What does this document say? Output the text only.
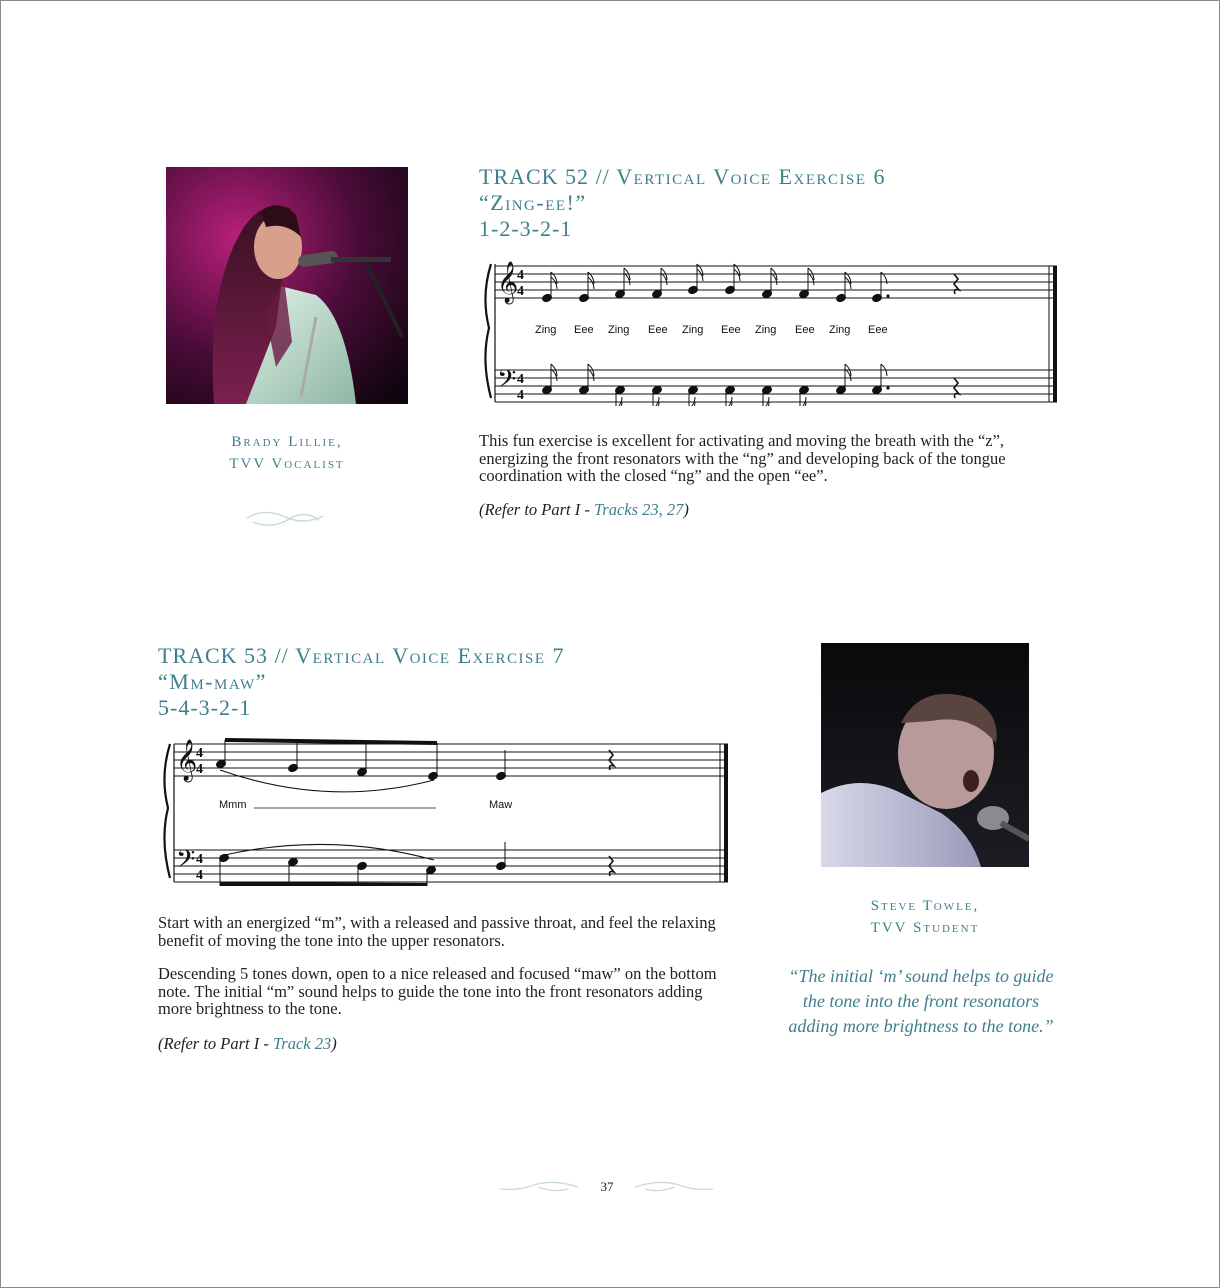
Brady Lillie,
TVV Vocalist
TRACK 52 // Vertical Voice Exercise 6
“Zing-ee!”
1-2-3-2-1
𝄞
𝄢
4
4
4
4
Zing Eee Zing Eee Zing Eee Zing Eee Zing Eee
This fun exercise is excellent for activating and moving the breath with the “z”, energizing the front resonators with the “ng” and developing back of the tongue coordination with the closed “ng” and the open “ee”.
(Refer to Part I - Tracks 23, 27)
TRACK 53 // Vertical Voice Exercise 7
“Mm-maw”
5-4-3-2-1
𝄞
𝄢
4
4
4
4
Mmm	Maw
Start with an energized “m”, with a released and passive throat, and feel the relaxing benefit of moving the tone into the upper resonators.
Descending 5 tones down, open to a nice released and focused “maw” on the bottom note. The initial “m” sound helps to guide the tone into the front resonators adding more brightness to the tone.
(Refer to Part I - Track 23)
Steve Towle,
TVV Student
“The initial ‘m’ sound helps to guide the tone into the front resonators adding more brightness to the tone.”
37
